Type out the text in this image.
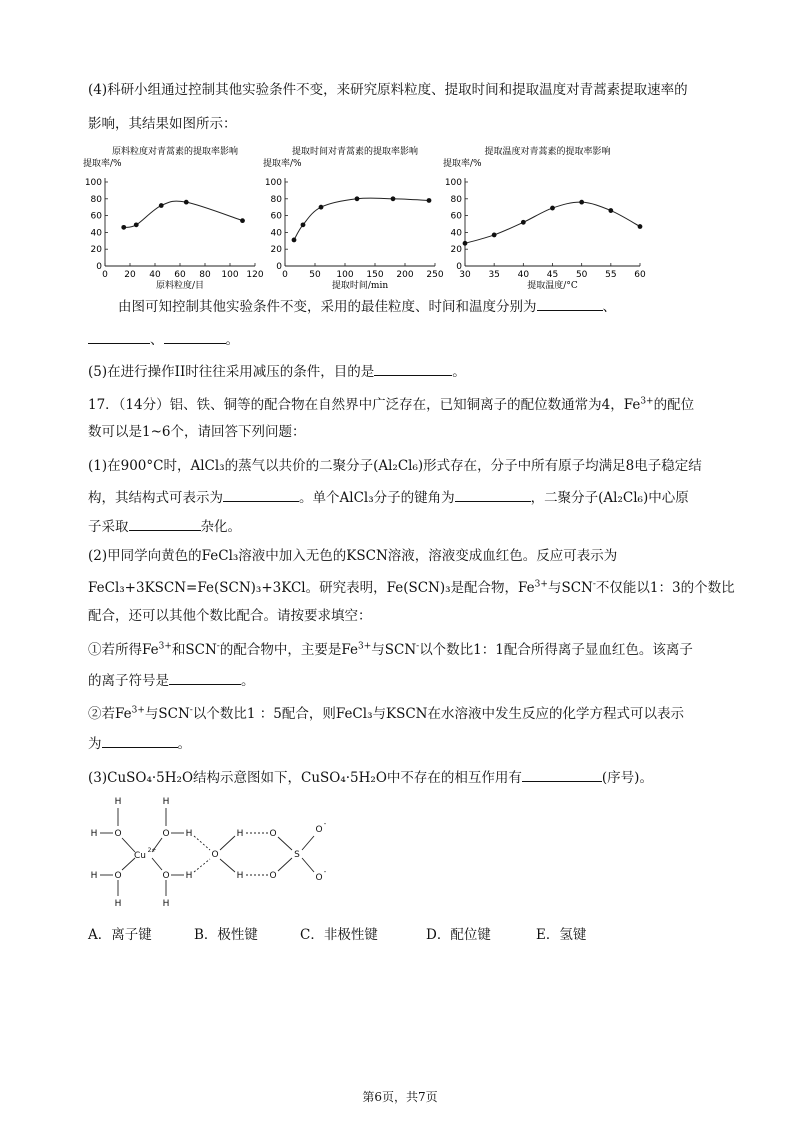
(4)科研小组通过控制其他实验条件不变，来研究原料粒度、提取时间和提取温度对青蒿素提取速率的
影响，其结果如图所示：
原料粒度对青蒿素的提取率影响
提取率/%
0
20
40
60
80
100
0 20 40 60 80 100 120
原料粒度/目
提取时间对青蒿素的提取率影响
提取率/%
0
20
40
60
80
100
0 50 100 150 200 250
提取时间/min
提取温度对青蒿素的提取率影响
提取率/%
0
20
40
60
80
100
30 35 40 45 50 55 60
提取温度/°C
由图可知控制其他实验条件不变，采用的最佳粒度、时间和温度分别为	、
、	。
(5)在进行操作II时往往采用减压的条件，目的是	。
17．（14分）铝、铁、铜等的配合物在自然界中广泛存在，已知铜离子的配位数通常为4，$Fe^{3+}$的配位
数可以是1~6个，请回答下列问题：
(1)在900°C时，AlCl₃的蒸气以共价的二聚分子(Al₂Cl₆)形式存在，分子中所有原子均满足8电子稳定结
构，其结构式可表示为	。单个AlCl₃分子的键角为	，二聚分子(Al₂Cl₆)中心原
子采取	杂化。
(2)甲同学向黄色的FeCl₃溶液中加入无色的KSCN溶液，溶液变成血红色。反应可表示为
FeCl₃+3KSCN=Fe(SCN)₃+3KCl。研究表明，Fe(SCN)₃是配合物，$Fe^{3+}$与SCN-不仅能以1：3的个数比
配合，还可以其他个数比配合。请按要求填空：
①若所得$Fe^{3+}$和SCN-的配合物中，主要是$Fe^{3+}$与SCN-以个数比1：1配合所得离子显血红色。该离子
的离子符号是	。
②若$Fe^{3+}$与SCN-以个数比1 ：5配合，则FeCl₃与KSCN在水溶液中发生反应的化学方程式可以表示
为	。
(3)CuSO₄·5H₂O结构示意图如下，CuSO₄·5H₂O中不存在的相互作用有	(序号)。
H
H O
H
O H
Cu
2+
H O
H
O H
H
O
H
H
O
O
S
O
-
O
-
A．离子键	B．极性键	C．非极性键	D．配位键	E．氢键
第6页，共7页
